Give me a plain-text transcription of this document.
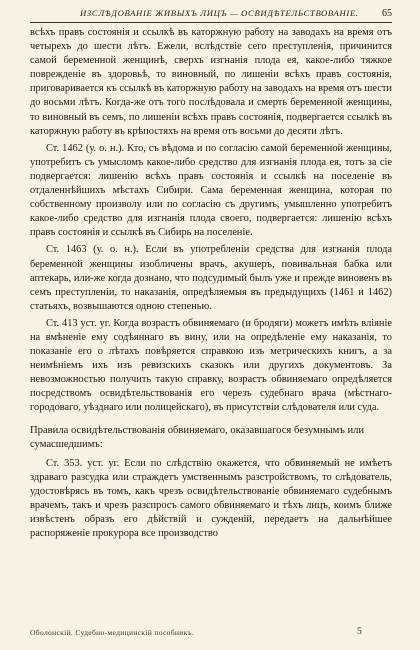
ИЗСЛѢДОВАНІЕ ЖИВЫХЪ ЛИЦЪ — ОСВИДѢТЕЛЬСТВОВАНІЕ. 65

всѣхъ правъ состоянія и ссылкѣ въ каторжную работу на заводахъ на время отъ четырехъ до шести лѣтъ. Ежели, вслѣдствіе сего преступленія, причинится самой беременной женщинѣ, сверхъ изгнанія плода ея, какое-либо тяжкое поврежденіе въ здоровьѣ, то виновный, по лишеніи всѣхъ правъ состоянія, приговаривается къ ссылкѣ въ каторжную работу на заводахъ на время отъ шести до восьми лѣтъ. Когда-же отъ того послѣдовала и смерть беременной женщины, то виновный въ семъ, по лишеніи всѣхъ правъ состоянія, подвергается ссылкѣ въ каторжную работу въ крѣпостяхъ на время отъ восьми до десяти лѣтъ.

Ст. 1462 (у. о. н.). Кто, съ вѣдома и по согласію самой беременной женщины, употребитъ съ умысломъ какое-либо средство для изгнанія плода ея, тотъ за сіе подвергается: лишенію всѣхъ правъ состоянія и ссылкѣ на поселеніе въ отдаленнѣйшихъ мѣстахъ Сибири. Сама беременная женщина, которая по собственному произволу или по согласію съ другимъ, умышленно употребитъ какое-либо средство для изгнанія плода своего, подвергается: лишенію всѣхъ правъ состоянія и ссылкѣ въ Сибирь на поселеніе.

Ст. 1463 (у. о. н.). Если въ употребленіи средства для изгнанія плода беременной женщины изобличены врачъ, акушеръ, повивальная бабка или аптекарь, или-же когда дознано, что подсудимый былъ уже и прежде виновенъ въ семъ преступленіи, то наказанія, опредѣляемыя въ предыдущихъ (1461 и 1462) статьяхъ, возвышаются одною степенью.

Ст. 413 уст. уг. Когда возрастъ обвиняемаго (и бродяги) можетъ имѣть вліяніе на вмѣненіе ему содѣяннаго въ вину, или на опредѣленіе ему наказанія, то показаніе его о лѣтахъ повѣряется справкою изъ метрическихъ книгъ, а за неимѣніемъ ихъ изъ ревизскихъ сказокъ или другихъ документовъ. За невозможностью получить такую справку, возрастъ обвиняемаго опредѣляется посредствомъ освидѣтельствованія его черезъ судебнаго врача (мѣстнаго-городоваго, уѣзднаго или полицейскаго), въ присутствіи слѣдователя или суда.

Правила освидѣтельствованія обвиняемаго, оказавшагося безумнымъ или сумасшедшимъ:

Ст. 353. уст. уг. Если по слѣдствію окажется, что обвиняемый не имѣетъ здраваго разсудка или страждетъ умственнымъ разстройствомъ, то слѣдователь, удостовѣрясь въ томъ, какъ чрезъ освидѣтельствованіе обвиняемаго судебнымъ врачемъ, такъ и чрезъ разспросъ самого обвиняемаго и тѣхъ лицъ, коимъ ближе извѣстенъ образъ его дѣйствій и сужденій, передаетъ на дальнѣйшее распоряженіе прокурора все производство

Оболонскій. Судебно-медицинскій пособникъ.	5
